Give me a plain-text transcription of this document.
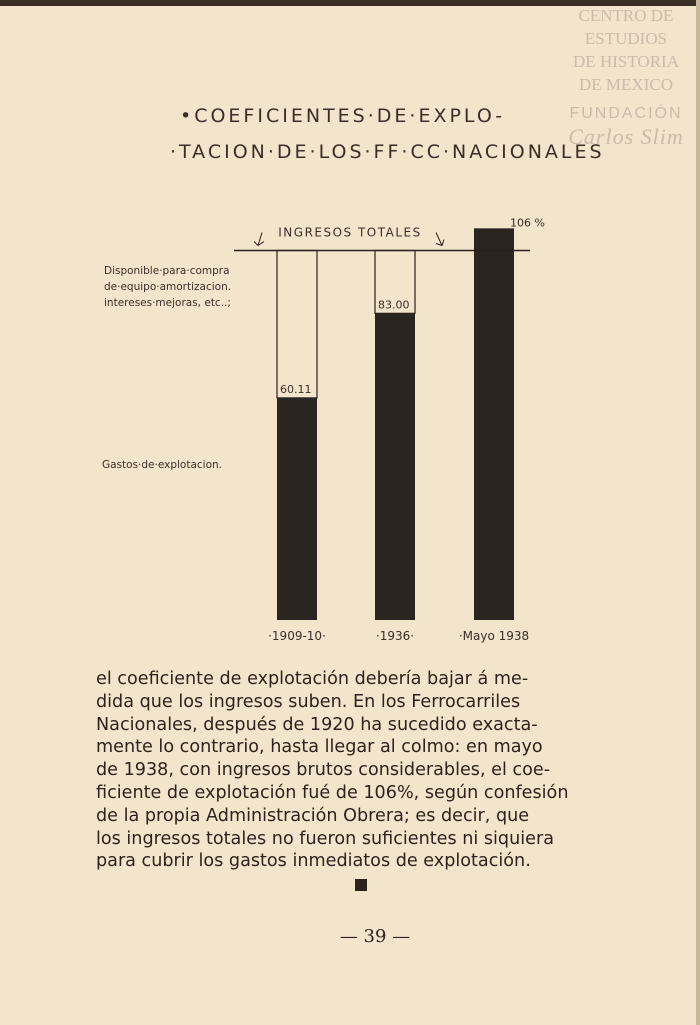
CENTRO DE
ESTUDIOS
DE HISTORIA
DE MEXICO
FUNDACIÓN
Carlos Slim
•COEFICIENTES·DE·EXPLO-
·TACION·DE·LOS·FF·CC·NACIONALES
INGRESOS TOTALES
60.11
·1909-10·
83.00
·1936·
106 %
·Mayo 1938
Disponible·para·compra
de·equipo·amortizacion.
intereses·mejoras, etc..;
Gastos·de·explotacion.
el coeficiente de explotación debería bajar á me-
dida que los ingresos suben. En los Ferrocarriles
Nacionales, después de 1920 ha sucedido exacta-
mente lo contrario, hasta llegar al colmo: en mayo
de 1938, con ingresos brutos considerables, el coe-
ficiente de explotación fué de 106%, según confesión
de la propia Administración Obrera; es decir, que
los ingresos totales no fueron suficientes ni siquiera
para cubrir los gastos inmediatos de explotación.
— 39 —
